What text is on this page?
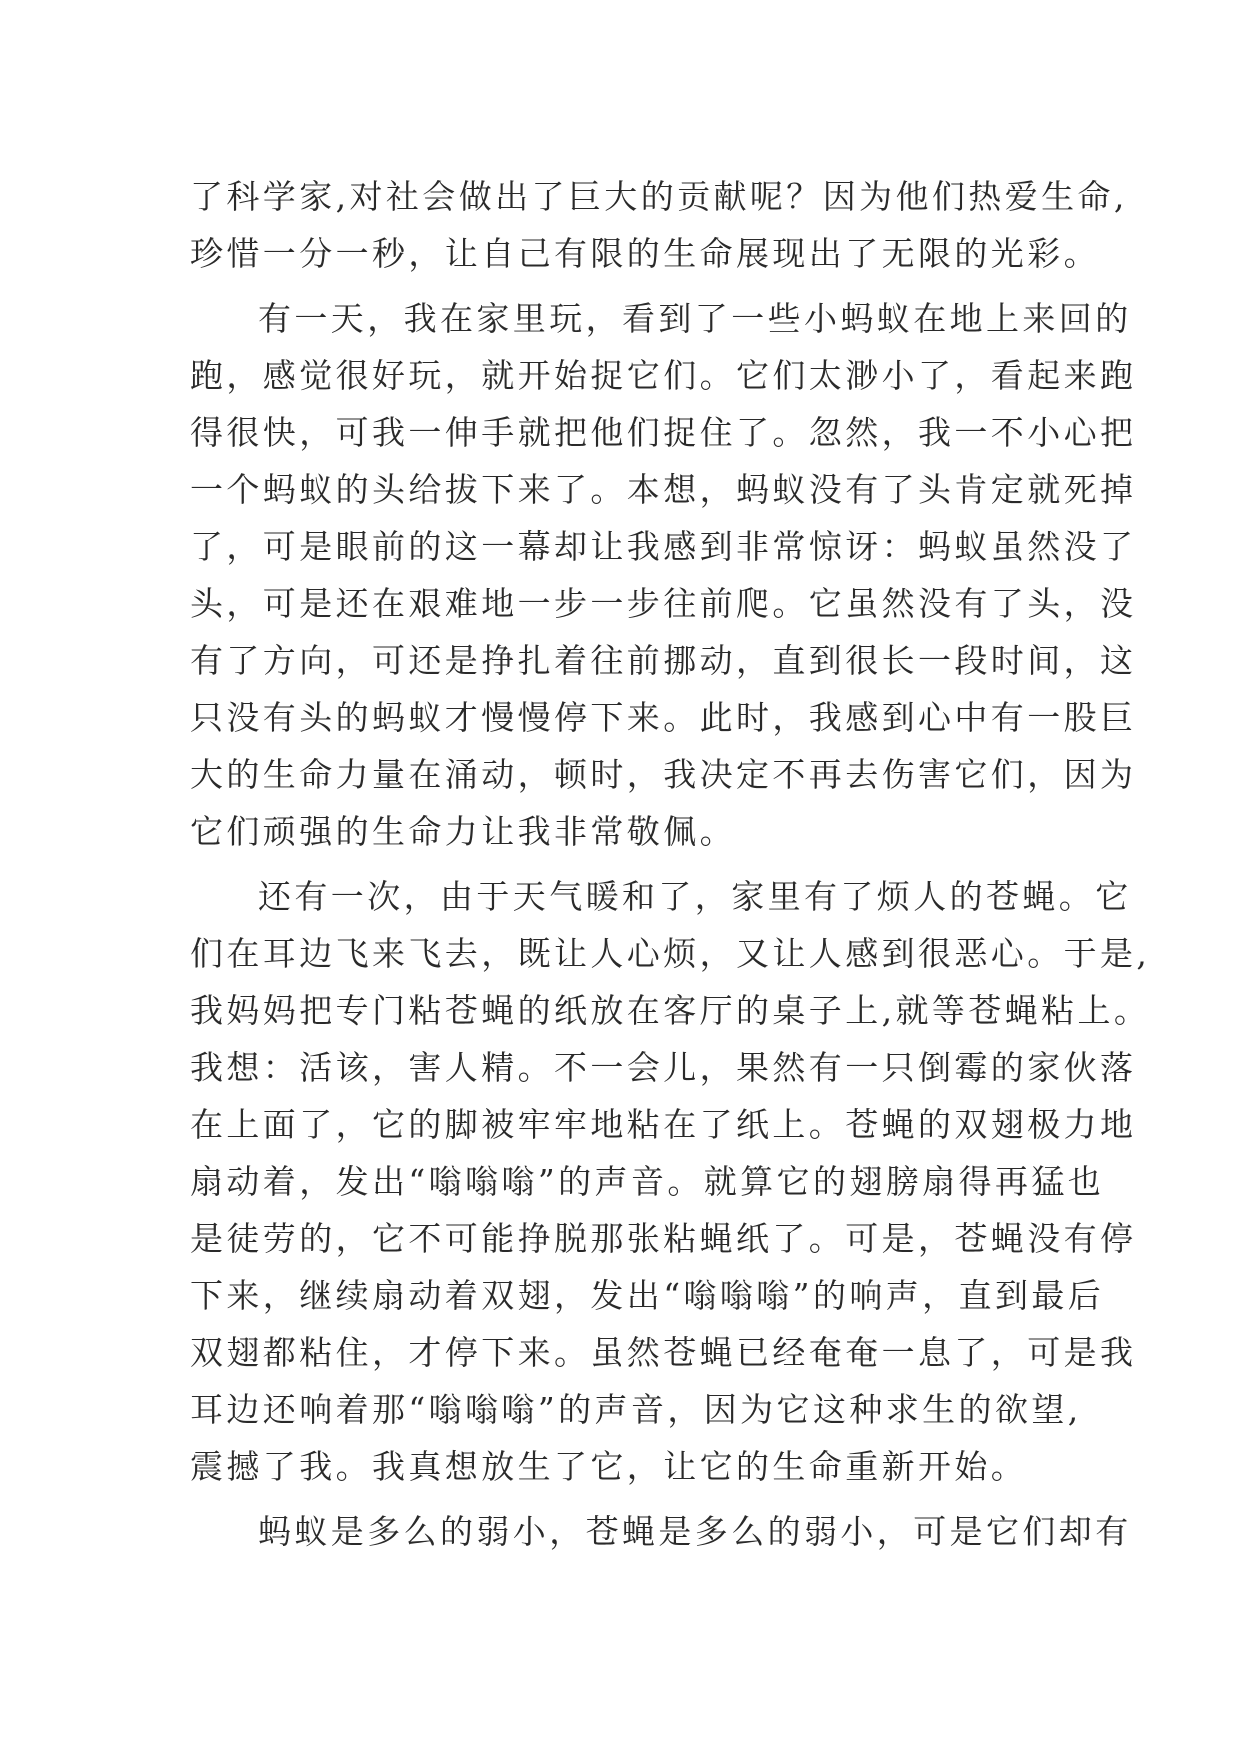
了科学家,对社会做出了巨大的贡献呢？因为他们热爱生命,
珍惜一分一秒，让自己有限的生命展现出了无限的光彩。
有一天，我在家里玩，看到了一些小蚂蚁在地上来回的
跑，感觉很好玩，就开始捉它们。它们太渺小了，看起来跑
得很快，可我一伸手就把他们捉住了。忽然，我一不小心把
一个蚂蚁的头给拔下来了。本想，蚂蚁没有了头肯定就死掉
了，可是眼前的这一幕却让我感到非常惊讶：蚂蚁虽然没了
头，可是还在艰难地一步一步往前爬。它虽然没有了头，没
有了方向，可还是挣扎着往前挪动，直到很长一段时间，这
只没有头的蚂蚁才慢慢停下来。此时，我感到心中有一股巨
大的生命力量在涌动，顿时，我决定不再去伤害它们，因为
它们顽强的生命力让我非常敬佩。
还有一次，由于天气暖和了，家里有了烦人的苍蝇。它
们在耳边飞来飞去，既让人心烦，又让人感到很恶心。于是,
我妈妈把专门粘苍蝇的纸放在客厅的桌子上,就等苍蝇粘上。
我想：活该，害人精。不一会儿，果然有一只倒霉的家伙落
在上面了，它的脚被牢牢地粘在了纸上。苍蝇的双翅极力地
扇动着，发出“嗡嗡嗡”的声音。就算它的翅膀扇得再猛也
是徒劳的，它不可能挣脱那张粘蝇纸了。可是，苍蝇没有停
下来，继续扇动着双翅，发出“嗡嗡嗡”的响声，直到最后
双翅都粘住，才停下来。虽然苍蝇已经奄奄一息了，可是我
耳边还响着那“嗡嗡嗡”的声音，因为它这种求生的欲望,
震撼了我。我真想放生了它，让它的生命重新开始。
蚂蚁是多么的弱小，苍蝇是多么的弱小，可是它们却有
